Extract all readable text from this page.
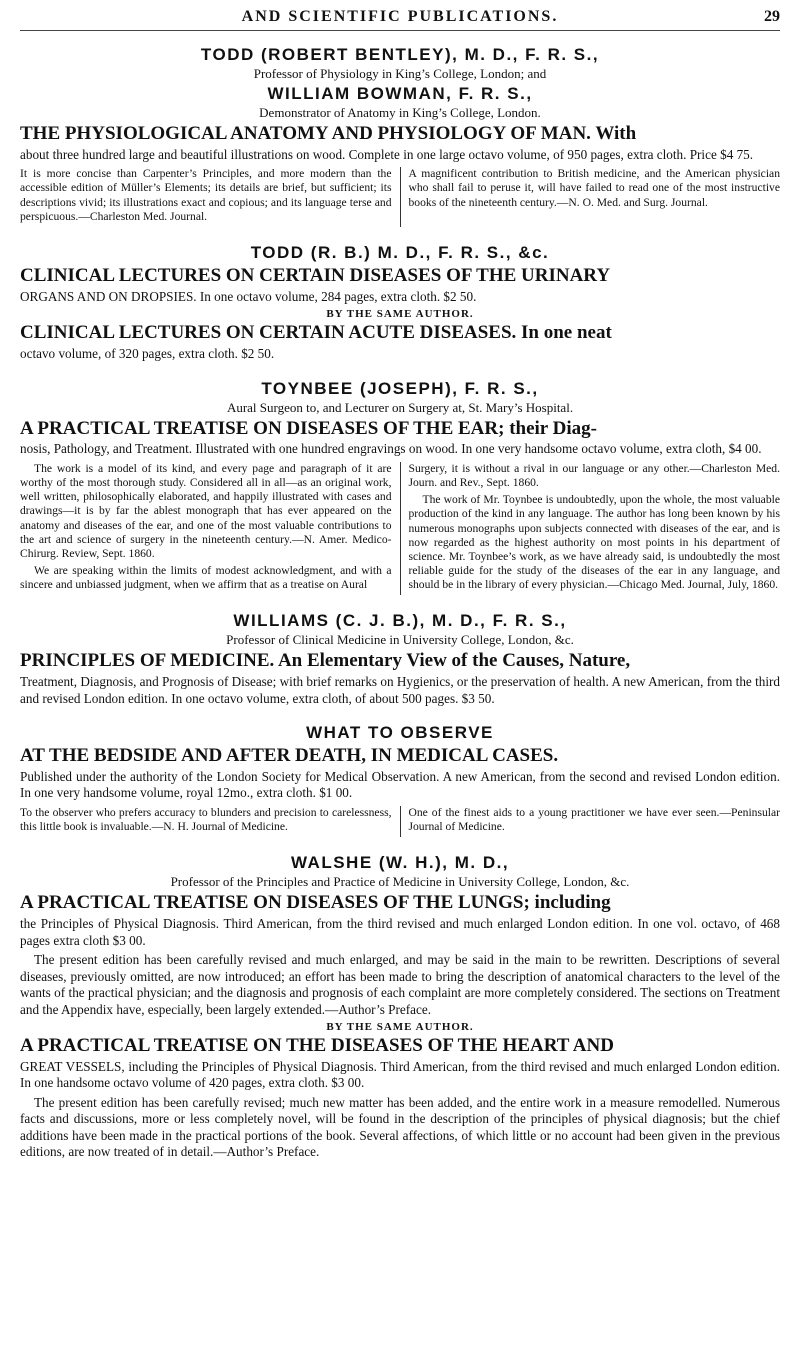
AND SCIENTIFIC PUBLICATIONS.	29

TODD (ROBERT BENTLEY), M. D., F. R. S.,

Professor of Physiology in King’s College, London; and

WILLIAM BOWMAN, F. R. S.,

Demonstrator of Anatomy in King’s College, London.

THE PHYSIOLOGICAL ANATOMY AND PHYSIOLOGY OF MAN. With

about three hundred large and beautiful illustrations on wood. Complete in one large octavo volume, of 950 pages, extra cloth. Price $4 75.

It is more concise than Carpenter’s Principles, and more modern than the accessible edition of Müller’s Elements; its details are brief, but sufficient; its descriptions vivid; its illustrations exact and copious; and its language terse and perspicuous.—Charleston Med. Journal.

A magnificent contribution to British medicine, and the American physician who shall fail to peruse it, will have failed to read one of the most instructive books of the nineteenth century.—N. O. Med. and Surg. Journal.

TODD (R. B.) M. D., F. R. S., &c.

CLINICAL LECTURES ON CERTAIN DISEASES OF THE URINARY

ORGANS AND ON DROPSIES. In one octavo volume, 284 pages, extra cloth. $2 50.

BY THE SAME AUTHOR.

CLINICAL LECTURES ON CERTAIN ACUTE DISEASES. In one neat

octavo volume, of 320 pages, extra cloth. $2 50.

TOYNBEE (JOSEPH), F. R. S.,

Aural Surgeon to, and Lecturer on Surgery at, St. Mary’s Hospital.

A PRACTICAL TREATISE ON DISEASES OF THE EAR; their Diag-

nosis, Pathology, and Treatment. Illustrated with one hundred engravings on wood. In one very handsome octavo volume, extra cloth, $4 00.

The work is a model of its kind, and every page and paragraph of it are worthy of the most thorough study. Considered all in all—as an original work, well written, philosophically elaborated, and happily illustrated with cases and drawings—it is by far the ablest monograph that has ever appeared on the anatomy and diseases of the ear, and one of the most valuable contributions to the art and science of surgery in the nineteenth century.—N. Amer. Medico-Chirurg. Review, Sept. 1860.

We are speaking within the limits of modest acknowledgment, and with a sincere and unbiassed judgment, when we affirm that as a treatise on Aural

Surgery, it is without a rival in our language or any other.—Charleston Med. Journ. and Rev., Sept. 1860.

The work of Mr. Toynbee is undoubtedly, upon the whole, the most valuable production of the kind in any language. The author has long been known by his numerous monographs upon subjects connected with diseases of the ear, and is now regarded as the highest authority on most points in his department of science. Mr. Toynbee’s work, as we have already said, is undoubtedly the most reliable guide for the study of the diseases of the ear in any language, and should be in the library of every physician.—Chicago Med. Journal, July, 1860.

WILLIAMS (C. J. B.), M. D., F. R. S.,

Professor of Clinical Medicine in University College, London, &c.

PRINCIPLES OF MEDICINE. An Elementary View of the Causes, Nature,

Treatment, Diagnosis, and Prognosis of Disease; with brief remarks on Hygienics, or the preservation of health. A new American, from the third and revised London edition. In one octavo volume, extra cloth, of about 500 pages. $3 50.

WHAT TO OBSERVE

AT THE BEDSIDE AND AFTER DEATH, IN MEDICAL CASES.

Published under the authority of the London Society for Medical Observation. A new American, from the second and revised London edition. In one very handsome volume, royal 12mo., extra cloth. $1 00.

To the observer who prefers accuracy to blunders and precision to carelessness, this little book is invaluable.—N. H. Journal of Medicine.

One of the finest aids to a young practitioner we have ever seen.—Peninsular Journal of Medicine.

WALSHE (W. H.), M. D.,

Professor of the Principles and Practice of Medicine in University College, London, &c.

A PRACTICAL TREATISE ON DISEASES OF THE LUNGS; including

the Principles of Physical Diagnosis. Third American, from the third revised and much enlarged London edition. In one vol. octavo, of 468 pages extra cloth $3 00.

The present edition has been carefully revised and much enlarged, and may be said in the main to be rewritten. Descriptions of several diseases, previously omitted, are now introduced; an effort has been made to bring the description of anatomical characters to the level of the wants of the practical physician; and the diagnosis and prognosis of each complaint are more completely considered. The sections on Treatment and the Appendix have, especially, been largely extended.—Author’s Preface.

BY THE SAME AUTHOR.

A PRACTICAL TREATISE ON THE DISEASES OF THE HEART AND

GREAT VESSELS, including the Principles of Physical Diagnosis. Third American, from the third revised and much enlarged London edition. In one handsome octavo volume of 420 pages, extra cloth. $3 00.

The present edition has been carefully revised; much new matter has been added, and the entire work in a measure remodelled. Numerous facts and discussions, more or less completely novel, will be found in the description of the principles of physical diagnosis; but the chief additions have been made in the practical portions of the book. Several affections, of which little or no account had been given in the previous editions, are now treated of in detail.—Author’s Preface.
